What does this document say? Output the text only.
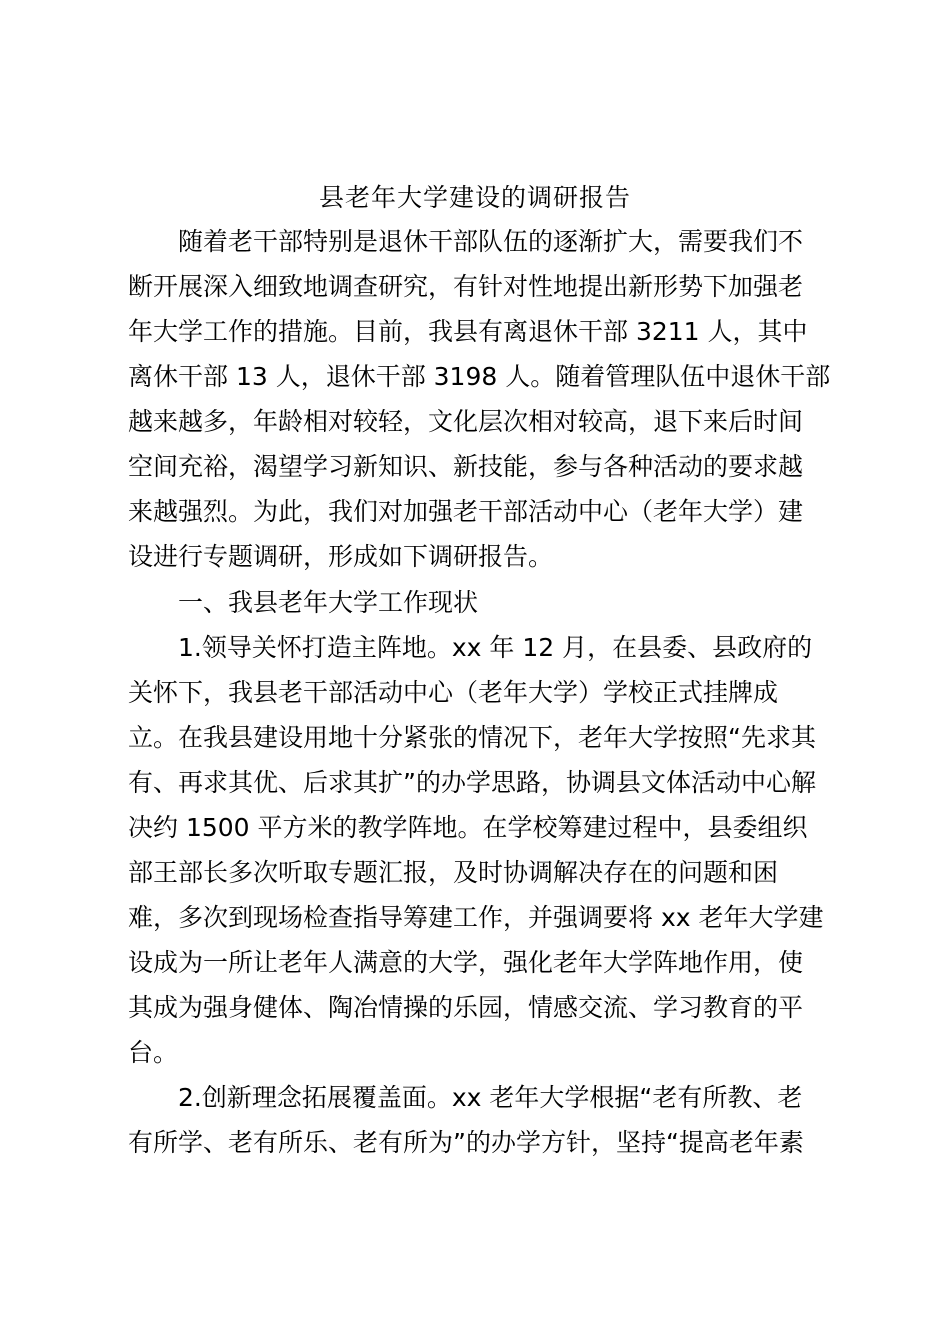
县老年大学建设的调研报告
随着老干部特别是退休干部队伍的逐渐扩大，需要我们不
断开展深入细致地调查研究，有针对性地提出新形势下加强老
年大学工作的措施。目前，我县有离退休干部 3211 人，其中
离休干部 13 人，退休干部 3198 人。随着管理队伍中退休干部
越来越多，年龄相对较轻，文化层次相对较高，退下来后时间
空间充裕，渴望学习新知识、新技能，参与各种活动的要求越
来越强烈。为此，我们对加强老干部活动中心（老年大学）建
设进行专题调研，形成如下调研报告。
一、我县老年大学工作现状
1.领导关怀打造主阵地。xx 年 12 月，在县委、县政府的
关怀下，我县老干部活动中心（老年大学）学校正式挂牌成
立。在我县建设用地十分紧张的情况下，老年大学按照“先求其
有、再求其优、后求其扩”的办学思路，协调县文体活动中心解
决约 1500 平方米的教学阵地。在学校筹建过程中，县委组织
部王部长多次听取专题汇报，及时协调解决存在的问题和困
难，多次到现场检查指导筹建工作，并强调要将 xx 老年大学建
设成为一所让老年人满意的大学，强化老年大学阵地作用，使
其成为强身健体、陶冶情操的乐园，情感交流、学习教育的平
台。
2.创新理念拓展覆盖面。xx 老年大学根据“老有所教、老
有所学、老有所乐、老有所为”的办学方针，坚持“提高老年素
